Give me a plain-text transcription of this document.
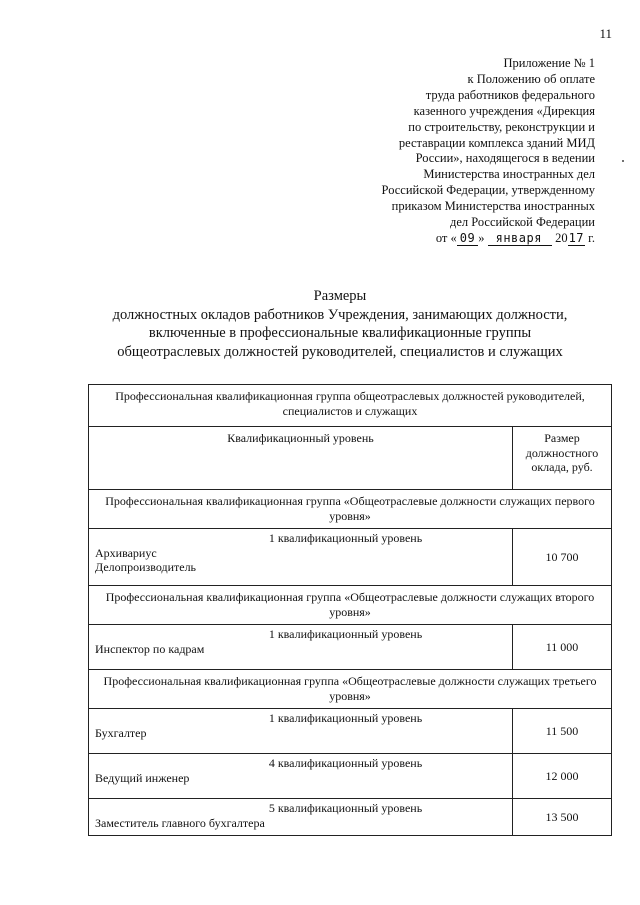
11
Приложение № 1
к Положению об оплате
труда работников федерального
казенного учреждения «Дирекция
по строительству, реконструкции и
реставрации комплекса зданий МИД
России», находящегося в ведении
Министерства иностранных дел
Российской Федерации, утвержденному
приказом Министерства иностранных
дел Российской Федерации
от « 09 » января 2017 г.
Размеры
должностных окладов работников Учреждения, занимающих должности,
включенные в профессиональные квалификационные группы
общеотраслевых должностей руководителей, специалистов и служащих
Профессиональная квалификационная группа общеотраслевых должностей руководителей, специалистов и служащих	
Квалификационный уровень	Размер должностного оклада, руб.
Профессиональная квалификационная группа «Общеотраслевые должности служащих первого уровня»	

1 квалификационный уровень
Архивариус
Делопроизводитель	10 700
Профессиональная квалификационная группа «Общеотраслевые должности служащих второго уровня»	

1 квалификационный уровень
Инспектор по кадрам	11 000
Профессиональная квалификационная группа «Общеотраслевые должности служащих третьего уровня»	

1 квалификационный уровень
Бухгалтер	11 500

4 квалификационный уровень
Ведущий инженер	12 000

5 квалификационный уровень
Заместитель главного бухгалтера	13 500
